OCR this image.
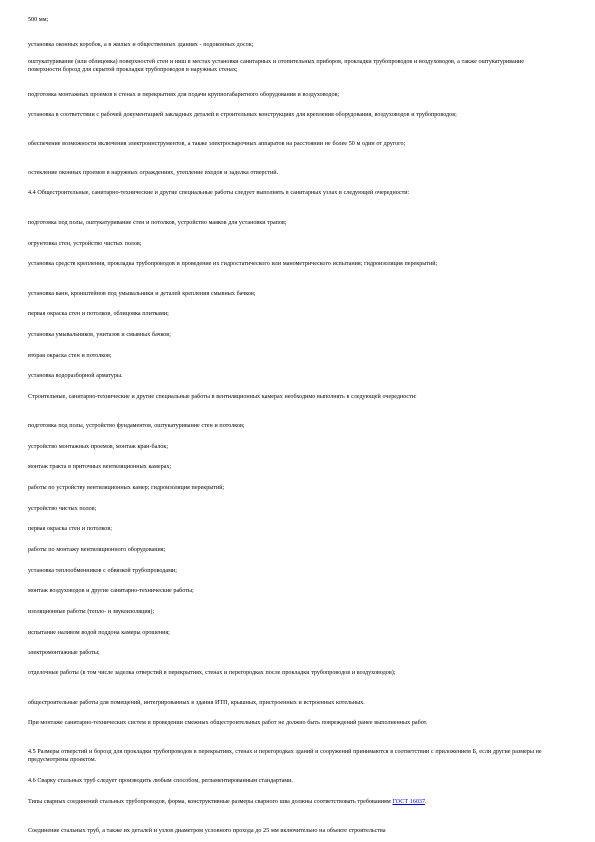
500 мм;

установка оконных коробок, а в жилых и общественных зданиях - подоконных досок;

оштукатуривание (или облицовка) поверхностей стен и ниш в местах установки санитарных и отопительных приборов, прокладки трубопроводов и воздуховодов, а также оштукатуривание поверхности борозд для скрытой прокладки трубопроводов в наружных стенах;

подготовка монтажных проемов в стенах и перекрытиях для подачи крупногабаритного оборудования и воздуховодов;

установка в соответствии с рабочей документацией закладных деталей в строительных конструкциях для крепления оборудования, воздуховодов и трубопроводов;

обеспечение возможности включения электроинструментов, а также электросварочных аппаратов на расстоянии не более 50 м один от другого;

остекление оконных проемов в наружных ограждениях, утепление входов и заделка отверстий.

4.4 Общестроительные, санитарно-технические и другие специальные работы следует выполнять в санитарных узлах в следующей очередности:

подготовка под полы, оштукатуривание стен и потолков, устройство маяков для установки трапов;

огрунтовка стен, устройство чистых полов;

установка средств крепления, прокладка трубопроводов и проведение их гидростатического или манометрического испытания; гидроизоляция перекрытий;

установка ванн, кронштейнов под умывальники и деталей крепления смывных бачков;

первая окраска стен и потолков, облицовка плитками;

установка умывальников, унитазов и смывных бачков;

вторая окраска стен и потолков;

установка водоразборной арматуры.

Строительные, санитарно-технические и другие специальные работы в вентиляционных камерах необходимо выполнять в следующей очередности:

подготовка под полы, устройство фундаментов, оштукатуривание стен и потолков;

устройство монтажных проемов, монтаж кран-балок;

монтаж тракта в приточных вентиляционных камерах;

работы по устройству вентиляционных камер; гидроизоляция перекрытий;

устройство чистых полов;

первая окраска стен и потолков;

работы по монтажу вентиляционного оборудования;

установка теплообменников с обвязкой трубопроводами;

монтаж воздуховодов и другие санитарно-технические работы;

изоляционные работы (тепло- и звукоизоляция);

испытание наливом водой поддона камеры орошения;

электромонтажные работы;

отделочные работы (в том числе заделка отверстий в перекрытиях, стенах и перегородках после прокладки трубопроводов и воздуховодов);

общестроительные работы для помещений, интегрированных в здания ИТП, крышных, пристроенных и встроенных котельных.

При монтаже санитарно-технических систем и проведении смежных общестроительных работ не должно быть повреждений ранее выполненных работ.

4.5 Размеры отверстий и борозд для прокладки трубопроводов в перекрытиях, стенах и перегородках зданий и сооружений принимаются в соответствии с приложением Б, если другие размеры не предусмотрены проектом.

4.6 Сварку стальных труб следует производить любым способом, регламентированным стандартами.

Типы сварных соединений стальных трубопроводов, форма, конструктивные размеры сварного шва должны соответствовать требованиям ГОСТ 16037.

Соединение стальных труб, а также их деталей и узлов диаметром условного прохода до 25 мм включительно на объекте строительства
